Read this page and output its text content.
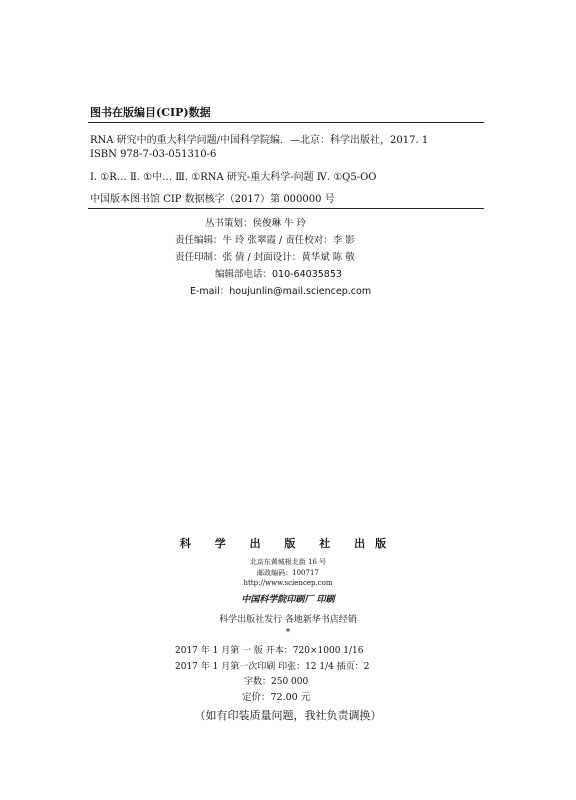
图书在版编目(CIP)数据
RNA 研究中的重大科学问题/中国科学院编．—北京：科学出版社，2017. 1
ISBN 978-7-03-051310-6
Ⅰ. ①R… Ⅱ. ①中… Ⅲ. ①RNA 研究-重大科学-问题 Ⅳ. ①Q5-OO
中国版本图书馆 CIP 数据核字（2017）第 000000 号
丛书策划：侯俊琳 牛 玲
责任编辑：牛 玲 张翠霞 / 责任校对：李 影
责任印制：张 倩 / 封面设计：黄华斌 陈 敬
编辑部电话：010-64035853
E-mail：houjunlin@mail.sciencep.com
科 学 出 版 社 出版
北京东黄城根北街 16 号
邮政编码：100717
http://www.sciencep.com
中国科学院印刷厂 印刷
科学出版社发行 各地新华书店经销
*
2017 年 1 月第 一 版 开本：720×1000 1/16
2017 年 1 月第一次印刷 印张：12 1/4 插页：2
字数：250 000
定价：72.00 元
（如有印装质量问题，我社负责调换）
